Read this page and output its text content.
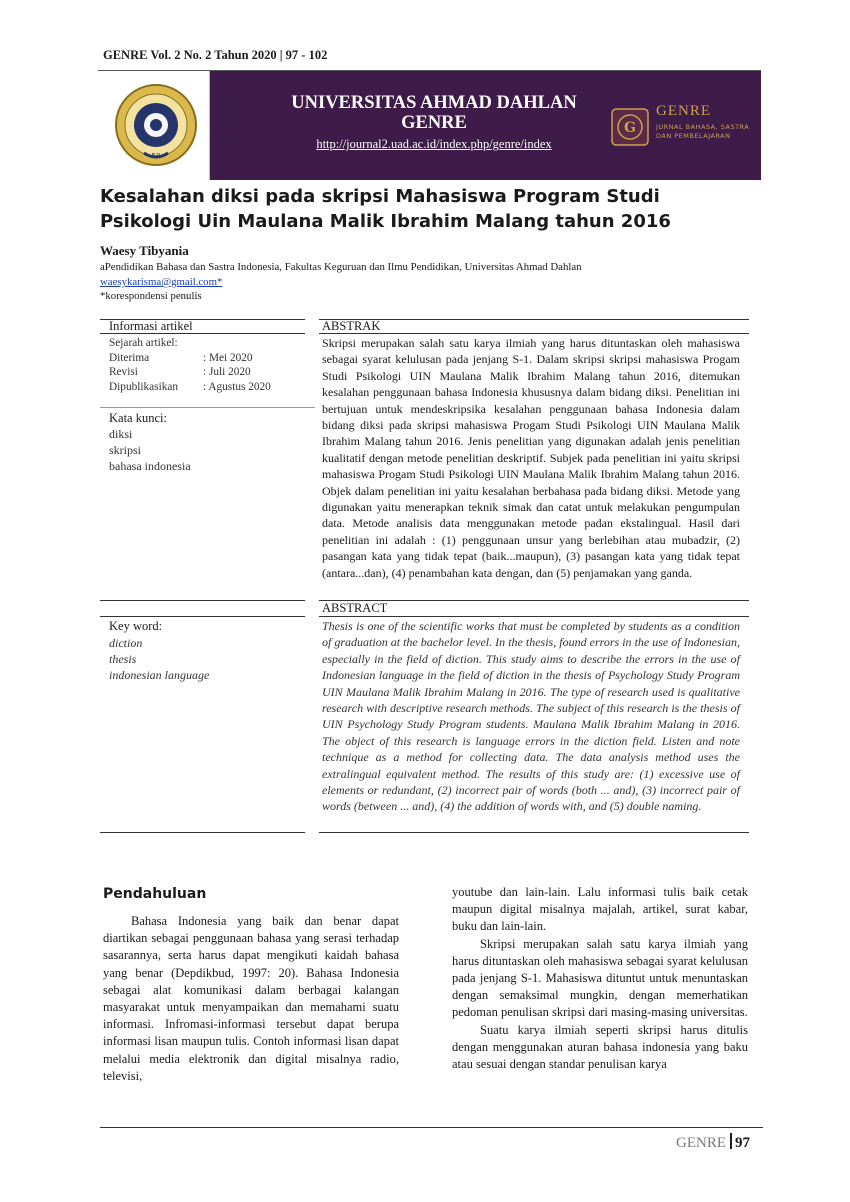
GENRE Vol. 2 No. 2 Tahun 2020 | 97 - 102
50
UNIVERSITAS AHMAD DAHLAN
GENRE
http://journal2.uad.ac.id/index.php/genre/index
G
GENRE
JURNAL BAHASA, SASTRA
DAN PEMBELAJARAN
Kesalahan diksi pada skripsi Mahasiswa Program Studi Psikologi Uin Maulana Malik Ibrahim Malang tahun 2016
Waesy Tibyania
aPendidikan Bahasa dan Sastra Indonesia, Fakultas Keguruan dan Ilmu Pendidikan, Universitas Ahmad Dahlan
waesykarisma@gmail.com*
*korespondensi penulis
Informasi artikel
Sejarah artikel:
Diterima	: Mei 2020
Revisi	: Juli 2020
Dipublikasikan : Agustus 2020
Kata kunci:
diksi
skripsi
bahasa indonesia
Key word:
diction
thesis
indonesian language
ABSTRAK
Skripsi merupakan salah satu karya ilmiah yang harus dituntaskan oleh mahasiswa sebagai syarat kelulusan pada jenjang S-1. Dalam skripsi skripsi mahasiswa Progam Studi Psikologi UIN Maulana Malik Ibrahim Malang tahun 2016, ditemukan kesalahan penggunaan bahasa Indonesia khususnya dalam bidang diksi. Penelitian ini bertujuan untuk mendeskripsika kesalahan penggunaan bahasa Indonesia dalam bidang diksi pada skripsi mahasiswa Progam Studi Psikologi UIN Maulana Malik Ibrahim Malang tahun 2016. Jenis penelitian yang digunakan adalah jenis penelitian kualitatif dengan metode penelitian deskriptif. Subjek pada penelitian ini yaitu skripsi mahasiswa Progam Studi Psikologi UIN Maulana Malik Ibrahim Malang tahun 2016. Objek dalam penelitian ini yaitu kesalahan berbahasa pada bidang diksi. Metode yang digunakan yaitu menerapkan teknik simak dan catat untuk melakukan pengumpulan data. Metode analisis data menggunakan metode padan ekstalingual. Hasil dari penelitian ini adalah : (1) penggunaan unsur yang berlebihan atau mubadzir, (2) pasangan kata yang tidak tepat (baik...maupun), (3) pasangan kata yang tidak tepat (antara...dan), (4) penambahan kata dengan, dan (5) penjamakan yang ganda.
ABSTRACT
Thesis is one of the scientific works that must be completed by students as a condition of graduation at the bachelor level. In the thesis, found errors in the use of Indonesian, especially in the field of diction. This study aims to describe the errors in the use of Indonesian language in the field of diction in the thesis of Psychology Study Program UIN Maulana Malik Ibrahim Malang in 2016. The type of research used is qualitative research with descriptive research methods. The subject of this research is the thesis of UIN Psychology Study Program students. Maulana Malik Ibrahim Malang in 2016. The object of this research is language errors in the diction field. Listen and note technique as a method for collecting data. The data analysis method uses the extralingual equivalent method. The results of this study are: (1) excessive use of elements or redundant, (2) incorrect pair of words (both ... and), (3) incorrect pair of words (between ... and), (4) the addition of words with, and (5) double naming.
Pendahuluan

Bahasa Indonesia yang baik dan benar dapat diartikan sebagai penggunaan bahasa yang serasi terhadap sasarannya, serta harus dapat mengikuti kaidah bahasa yang benar (Depdikbud, 1997: 20). Bahasa Indonesia sebagai alat komunikasi dalam berbagai kalangan masyarakat untuk menyampaikan dan memahami suatu informasi. Infromasi-informasi tersebut dapat berupa informasi lisan maupun tulis. Contoh informasi lisan dapat melalui media elektronik dan digital misalnya radio, televisi,

youtube dan lain-lain. Lalu informasi tulis baik cetak maupun digital misalnya majalah, artikel, surat kabar, buku dan lain-lain.

Skripsi merupakan salah satu karya ilmiah yang harus dituntaskan oleh mahasiswa sebagai syarat kelulusan pada jenjang S-1. Mahasiswa dituntut untuk menuntaskan dengan semaksimal mungkin, dengan memerhatikan pedoman penulisan skripsi dari masing-masing universitas.

Suatu karya ilmiah seperti skripsi harus ditulis dengan menggunakan aturan bahasa indonesia yang baku atau sesuai dengan standar penulisan karya

GENRE 97
